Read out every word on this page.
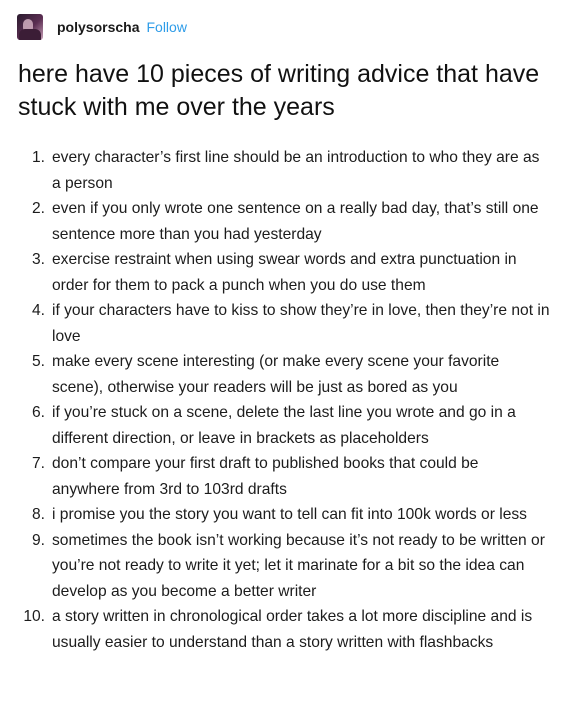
polysorscha Follow
here have 10 pieces of writing advice that have stuck with me over the years
1. every character’s first line should be an introduction to who they are as a person
2. even if you only wrote one sentence on a really bad day, that’s still one sentence more than you had yesterday
3. exercise restraint when using swear words and extra punctuation in order for them to pack a punch when you do use them
4. if your characters have to kiss to show they’re in love, then they’re not in love
5. make every scene interesting (or make every scene your favorite scene), otherwise your readers will be just as bored as you
6. if you’re stuck on a scene, delete the last line you wrote and go in a different direction, or leave in brackets as placeholders
7. don’t compare your first draft to published books that could be anywhere from 3rd to 103rd drafts
8. i promise you the story you want to tell can fit into 100k words or less
9. sometimes the book isn’t working because it’s not ready to be written or you’re not ready to write it yet; let it marinate for a bit so the idea can develop as you become a better writer
10. a story written in chronological order takes a lot more discipline and is usually easier to understand than a story written with flashbacks
